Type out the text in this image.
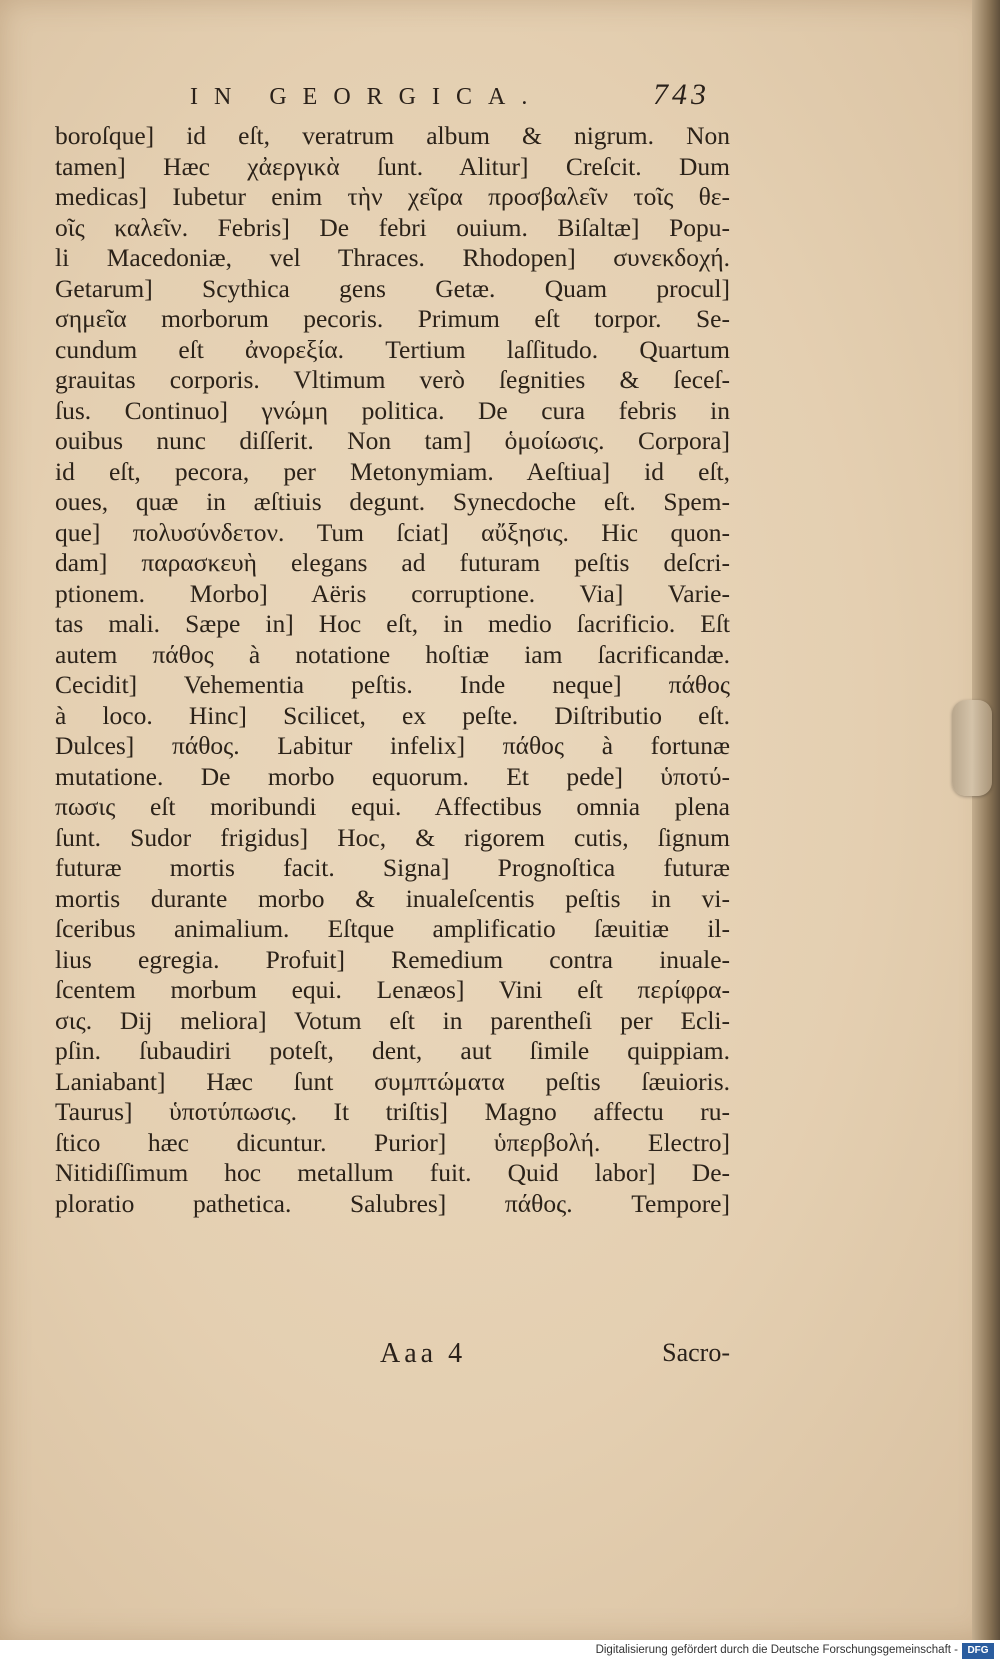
IN GEORGICA.	743
boroſque] id eſt, veratrum album & nigrum. Non
tamen] Hæc χἀεργικὰ ſunt. Alitur] Creſcit. Dum
medicas] Iubetur enim τὴν χεῖρα προσβαλεῖν τοῖς θε-
οῖς καλεῖν. Febris] De febri ouium. Biſaltæ] Popu-
li Macedoniæ, vel Thraces. Rhodopen] συνεκδοχή.
Getarum] Scythica gens Getæ. Quam procul]
σημεῖα morborum pecoris. Primum eſt torpor. Se-
cundum eſt ἀνορεξία. Tertium laſſitudo. Quartum
grauitas corporis. Vltimum verò ſegnities & ſeceſ-
ſus. Continuo] γνώμη politica. De cura febris in
ouibus nunc diſſerit. Non tam] ὁμοίωσις. Corpora]
id eſt, pecora, per Metonymiam. Aeſtiua] id eſt,
oues, quæ in æſtiuis degunt. Synecdoche eſt. Spem-
que] πολυσύνδετον. Tum ſciat] αὔξησις. Hic quon-
dam] παρασκευὴ elegans ad futuram peſtis deſcri-
ptionem. Morbo] Aëris corruptione. Via] Varie-
tas mali. Sæpe in] Hoc eſt, in medio ſacrificio. Eſt
autem πάθος à notatione hoſtiæ iam ſacrificandæ.
Cecidit] Vehementia peſtis. Inde neque] πάθος
à loco. Hinc] Scilicet, ex peſte. Diſtributio eſt.
Dulces] πάθος. Labitur infelix] πάθος à fortunæ
mutatione. De morbo equorum. Et pede] ὑποτύ-
πωσις eſt moribundi equi. Affectibus omnia plena
ſunt. Sudor frigidus] Hoc, & rigorem cutis, ſignum
futuræ mortis facit. Signa] Prognoſtica futuræ
mortis durante morbo & inualeſcentis peſtis in vi-
ſceribus animalium. Eſtque amplificatio ſæuitiæ il-
lius egregia. Profuit] Remedium contra inuale-
ſcentem morbum equi. Lenæos] Vini eſt περίφρα-
σις. Dij meliora] Votum eſt in parentheſi per Ecli-
pſin. ſubaudiri poteſt, dent, aut ſimile quippiam.
Laniabant] Hæc ſunt συμπτώματα peſtis ſæuioris.
Taurus] ὑποτύπωσις. It triſtis] Magno affectu ru-
ſtico hæc dicuntur. Purior] ὑπερβολή. Electro]
Nitidiſſimum hoc metallum fuit. Quid labor] De-
ploratio pathetica. Salubres] πάθος. Tempore]
Aaa 4	Sacro-
Digitalisierung gefördert durch die Deutsche Forschungsgemeinschaft - DFG
